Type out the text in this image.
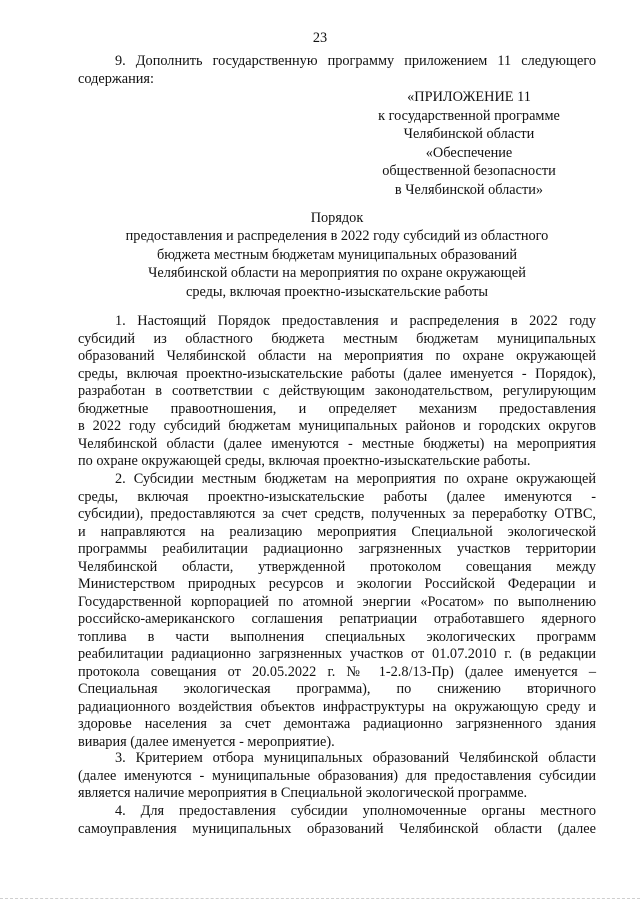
23
9. Дополнить государственную программу приложением 11 следующего
содержания:
«ПРИЛОЖЕНИЕ 11
к государственной программе
Челябинской области
«Обеспечение
общественной безопасности
в Челябинской области»
Порядок
предоставления и распределения в 2022 году субсидий из областного
бюджета местным бюджетам муниципальных образований
Челябинской области на мероприятия по охране окружающей
среды, включая проектно-изыскательские работы
1. Настоящий Порядок предоставления и распределения в 2022 году
субсидий из областного бюджета местным бюджетам муниципальных
образований Челябинской области на мероприятия по охране окружающей
среды, включая проектно-изыскательские работы (далее именуется - Порядок),
разработан в соответствии с действующим законодательством, регулирующим
бюджетные правоотношения, и определяет механизм предоставления
в 2022 году субсидий бюджетам муниципальных районов и городских округов
Челябинской области (далее именуются - местные бюджеты) на мероприятия
по охране окружающей среды, включая проектно-изыскательские работы.
2. Субсидии местным бюджетам на мероприятия по охране окружающей
среды, включая проектно-изыскательские работы (далее именуются -
субсидии), предоставляются за счет средств, полученных за переработку ОТВС,
и направляются на реализацию мероприятия Специальной экологической
программы реабилитации радиационно загрязненных участков территории
Челябинской области, утвержденной протоколом совещания между
Министерством природных ресурсов и экологии Российской Федерации и
Государственной корпорацией по атомной энергии «Росатом» по выполнению
российско-американского соглашения репатриации отработавшего ядерного
топлива в части выполнения специальных экологических программ
реабилитации радиационно загрязненных участков от 01.07.2010 г. (в редакции
протокола совещания от 20.05.2022 г. № 1-2.8/13-Пр) (далее именуется –
Специальная экологическая программа), по снижению вторичного
радиационного воздействия объектов инфраструктуры на окружающую среду и
здоровье населения за счет демонтажа радиационно загрязненного здания
вивария (далее именуется - мероприятие).
3. Критерием отбора муниципальных образований Челябинской области
(далее именуются - муниципальные образования) для предоставления субсидии
является наличие мероприятия в Специальной экологической программе.
4. Для предоставления субсидии уполномоченные органы местного
самоуправления муниципальных образований Челябинской области (далее
